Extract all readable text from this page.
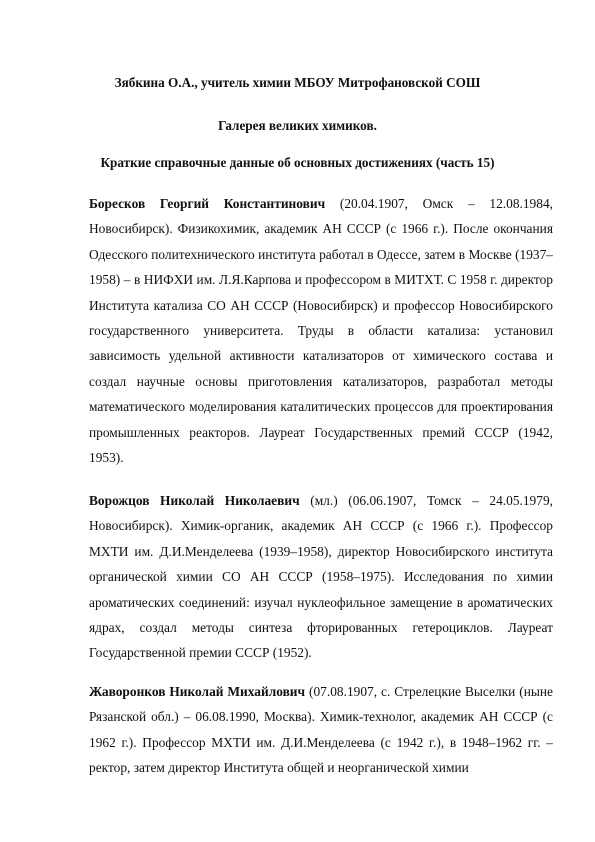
Зябкина О.А., учитель химии МБОУ Митрофановской СОШ
Галерея великих химиков.
Краткие справочные данные об основных достижениях (часть 15)
Боресков Георгий Константинович (20.04.1907, Омск – 12.08.1984, Новосибирск). Физикохимик, академик АН СССР (с 1966 г.). После окончания Одесского политехнического института работал в Одессе, затем в Москве (1937–1958) – в НИФХИ им. Л.Я.Карпова и профессором в МИТХТ. С 1958 г. директор Института катализа СО АН СССР (Новосибирск) и профессор Новосибирского государственного университета. Труды в области катализа: установил зависимость удельной активности катализаторов от химического состава и создал научные основы приготовления катализаторов, разработал методы математического моделирования каталитических процессов для проектирования промышленных реакторов. Лауреат Государственных премий СССР (1942, 1953).
Ворожцов Николай Николаевич (мл.) (06.06.1907, Томск – 24.05.1979, Новосибирск). Химик-органик, академик АН СССР (с 1966 г.). Профессор МХТИ им. Д.И.Менделеева (1939–1958), директор Новосибирского института органической химии СО АН СССР (1958–1975). Исследования по химии ароматических соединений: изучал нуклеофильное замещение в ароматических ядрах, создал методы синтеза фторированных гетероциклов. Лауреат Государственной премии СССР (1952).
Жаворонков Николай Михайлович (07.08.1907, с. Стрелецкие Выселки (ныне Рязанской обл.) – 06.08.1990, Москва). Химик-технолог, академик АН СССР (с 1962 г.). Профессор МХТИ им. Д.И.Менделеева (с 1942 г.), в 1948–1962 гг. – ректор, затем директор Института общей и неорганической химии
